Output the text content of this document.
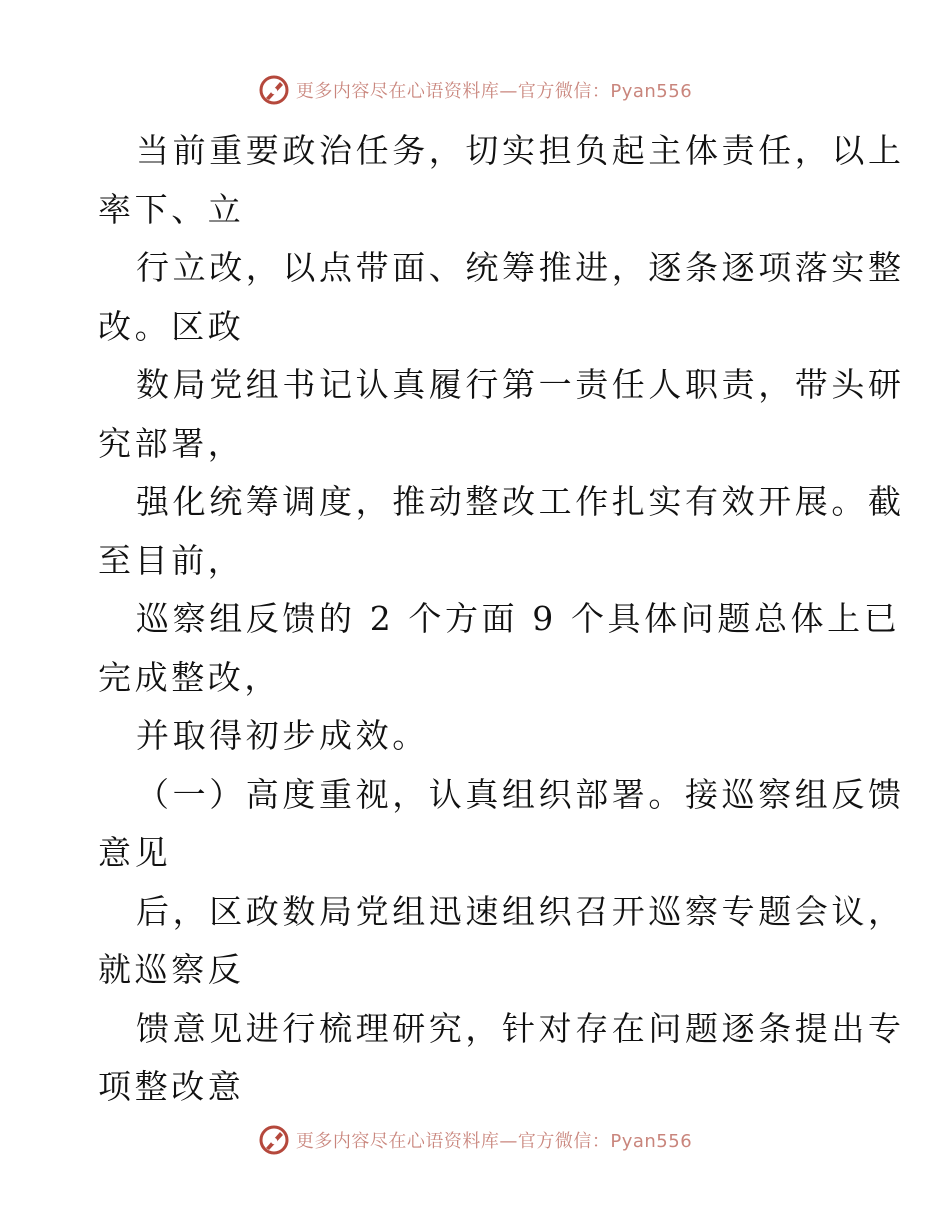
更多内容尽在心语资料库—官方微信：Pyan556
当前重要政治任务，切实担负起主体责任，以上
率下、立
行立改，以点带面、统筹推进，逐条逐项落实整
改。区政
数局党组书记认真履行第一责任人职责，带头研
究部署，
强化统筹调度，推动整改工作扎实有效开展。截
至目前，
巡察组反馈的 2 个方面 9 个具体问题总体上已
完成整改，
并取得初步成效。
（一）高度重视，认真组织部署。接巡察组反馈
意见
后，区政数局党组迅速组织召开巡察专题会议，
就巡察反
馈意见进行梳理研究，针对存在问题逐条提出专
项整改意
更多内容尽在心语资料库—官方微信：Pyan556
